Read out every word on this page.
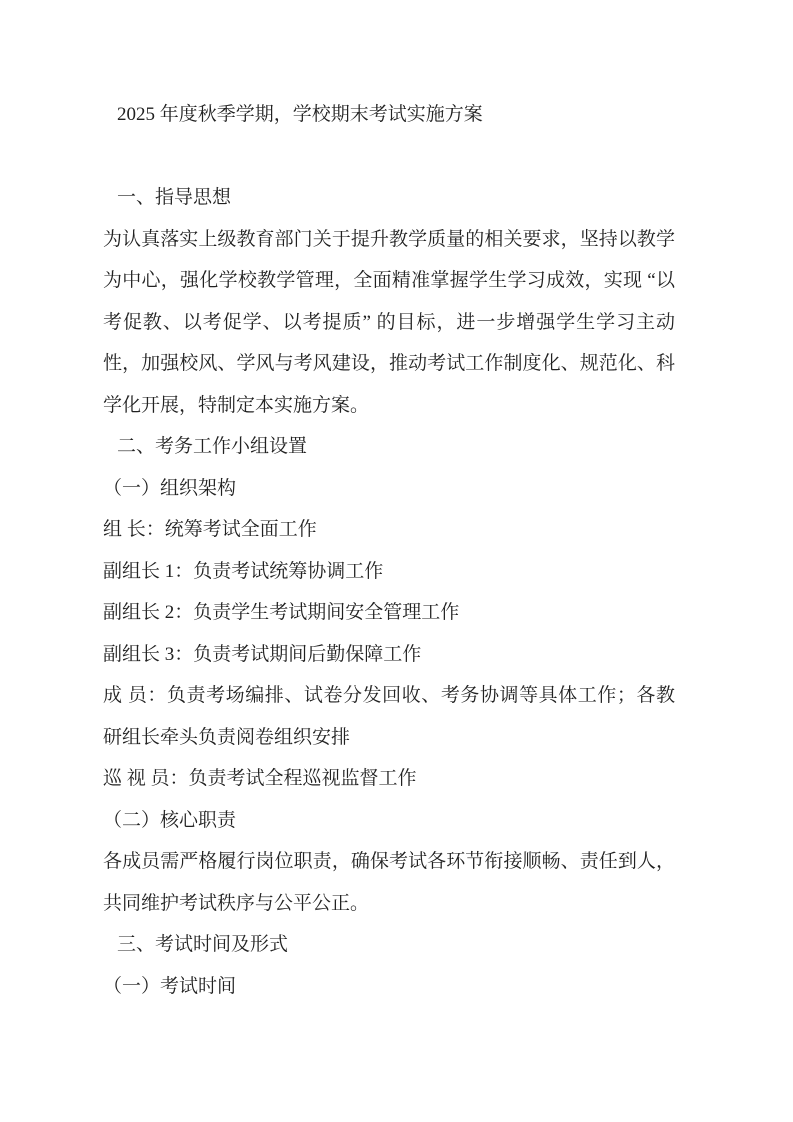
2025 年度秋季学期，学校期末考试实施方案
一、指导思想
为认真落实上级教育部门关于提升教学质量的相关要求，坚持以教学
为中心，强化学校教学管理，全面精准掌握学生学习成效，实现 “以
考促教、以考促学、以考提质” 的目标，进一步增强学生学习主动
性，加强校风、学风与考风建设，推动考试工作制度化、规范化、科
学化开展，特制定本实施方案。
二、考务工作小组设置
（一）组织架构
组 长：统筹考试全面工作
副组长 1：负责考试统筹协调工作
副组长 2：负责学生考试期间安全管理工作
副组长 3：负责考试期间后勤保障工作
成 员：负责考场编排、试卷分发回收、考务协调等具体工作；各教
研组长牵头负责阅卷组织安排
巡 视 员：负责考试全程巡视监督工作
（二）核心职责
各成员需严格履行岗位职责，确保考试各环节衔接顺畅、责任到人，
共同维护考试秩序与公平公正。
三、考试时间及形式
（一）考试时间
